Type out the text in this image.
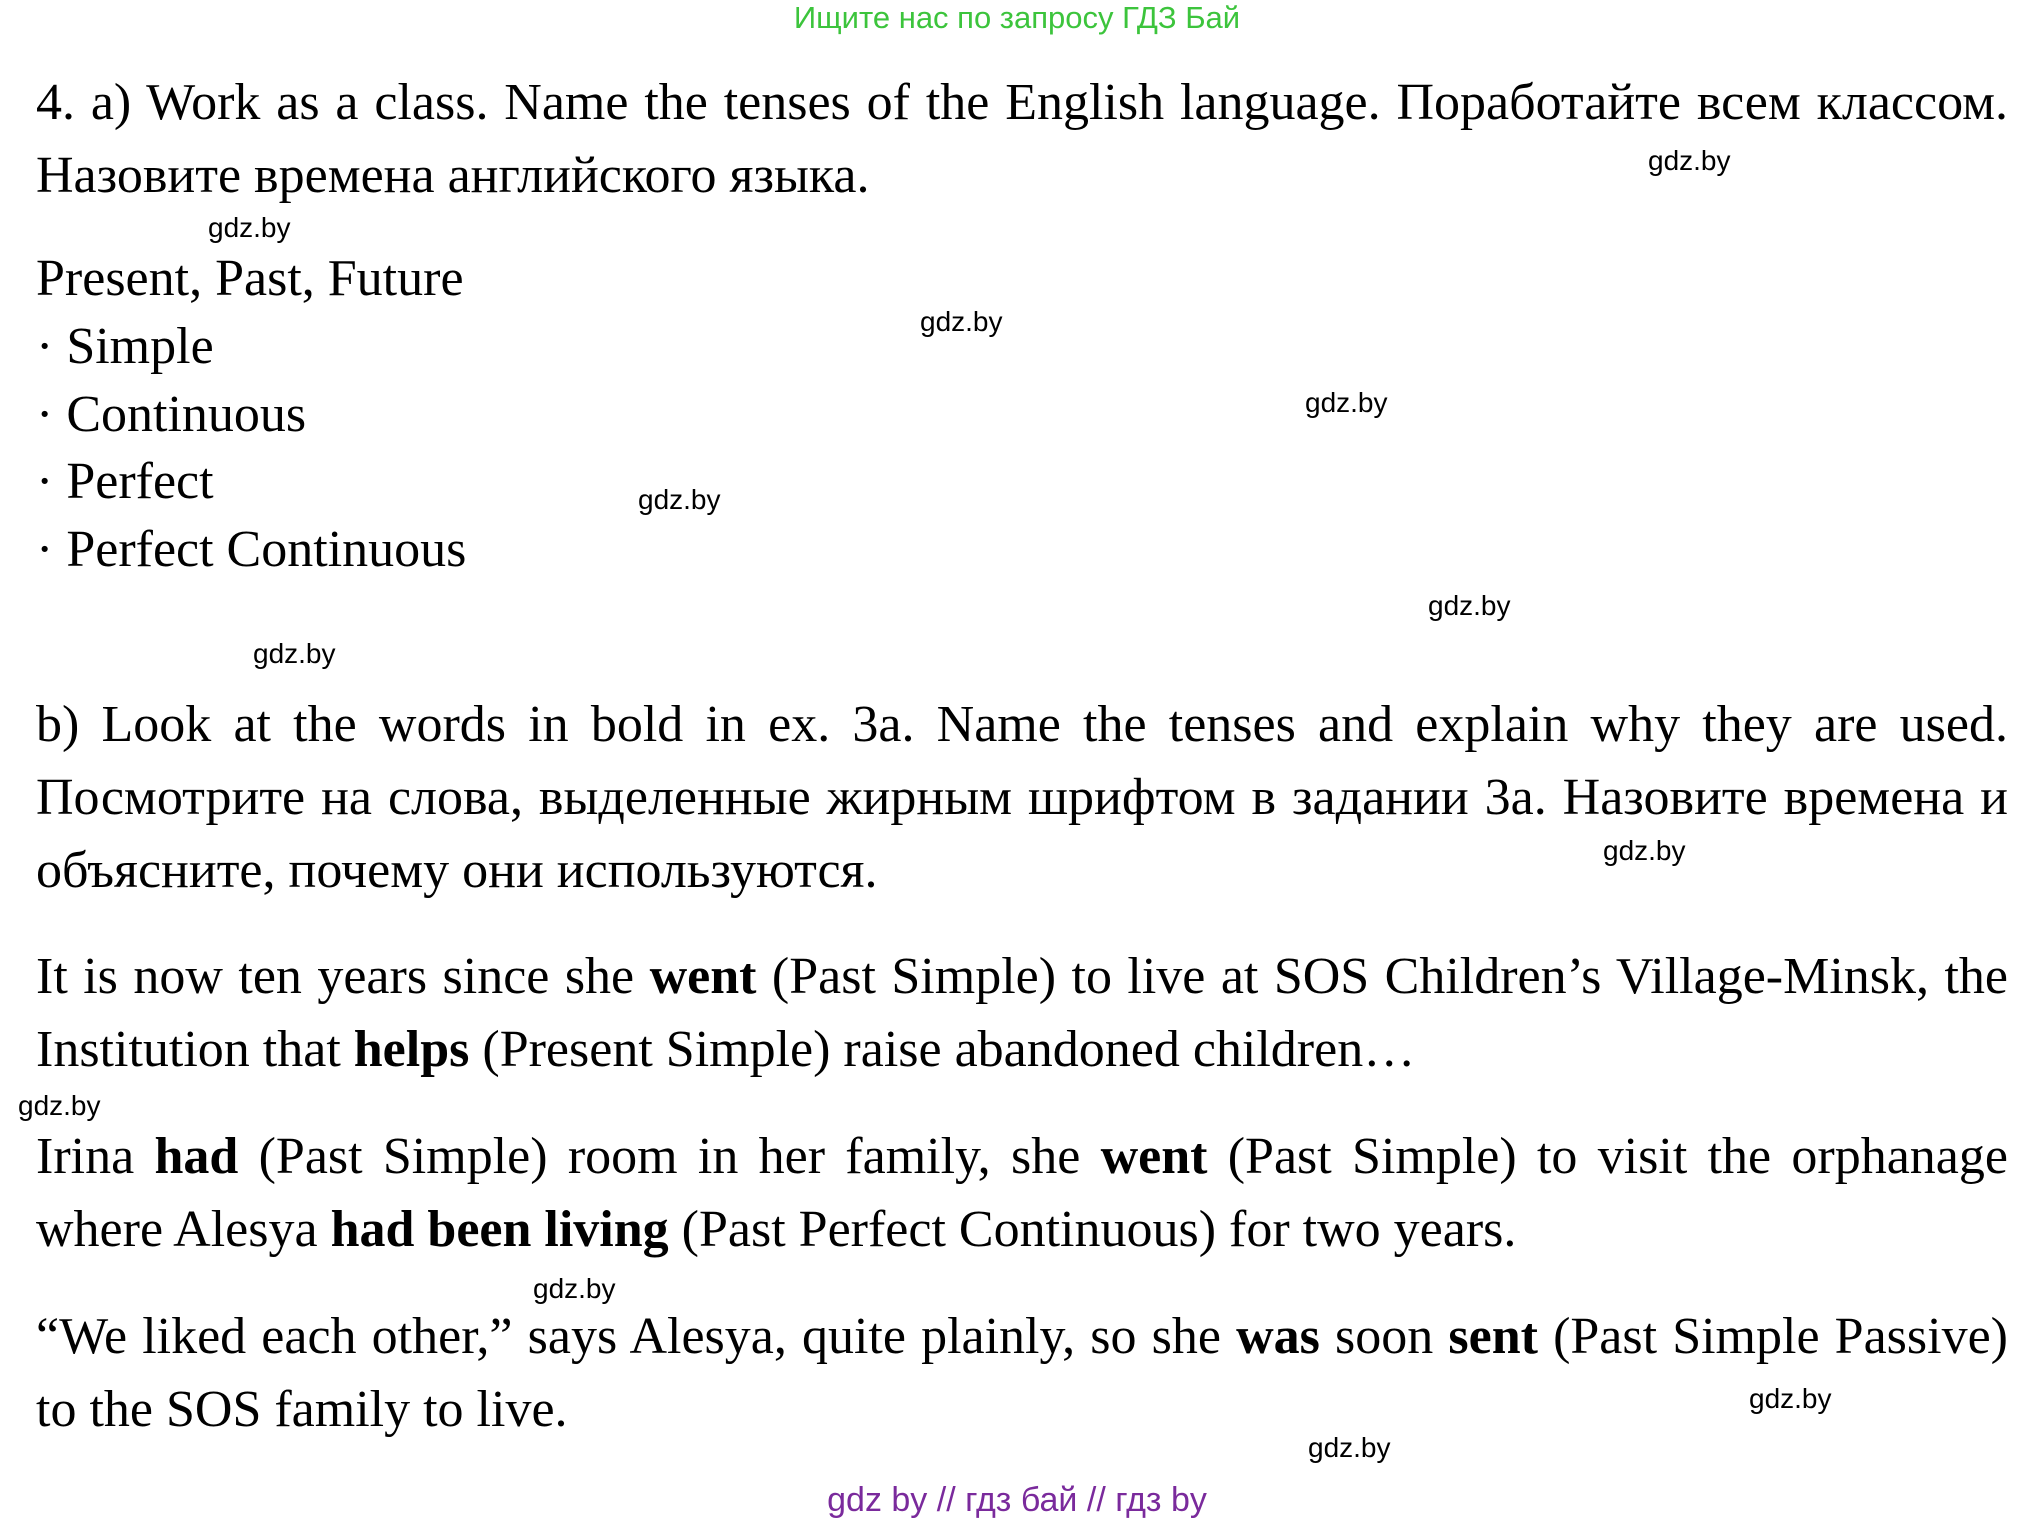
Ищите нас по запросу ГДЗ Бай

4. a) Work as a class. Name the tenses of the English language. Поработайте всем классом. Назовите времена английского языка.

Present, Past, Future
· Simple
· Continuous
· Perfect
· Perfect Continuous

b) Look at the words in bold in ex. 3a. Name the tenses and explain why they are used. Посмотрите на слова, выделенные жирным шрифтом в задании 3а. Назовите времена и объясните, почему они используются.

It is now ten years since she went (Past Simple) to live at SOS Children’s Village-Minsk, the Institution that helps (Present Simple) raise abandoned children…

Irina had (Past Simple) room in her family, she went (Past Simple) to visit the orphanage where Alesya had been living (Past Perfect Continuous) for two years.

“We liked each other,” says Alesya, quite plainly, so she was soon sent (Past Simple Passive) to the SOS family to live.

gdz.by
gdz.by
gdz.by
gdz.by
gdz.by
gdz.by
gdz.by
gdz.by
gdz.by
gdz.by
gdz.by
gdz.by
gdz by // гдз бай // гдз by
